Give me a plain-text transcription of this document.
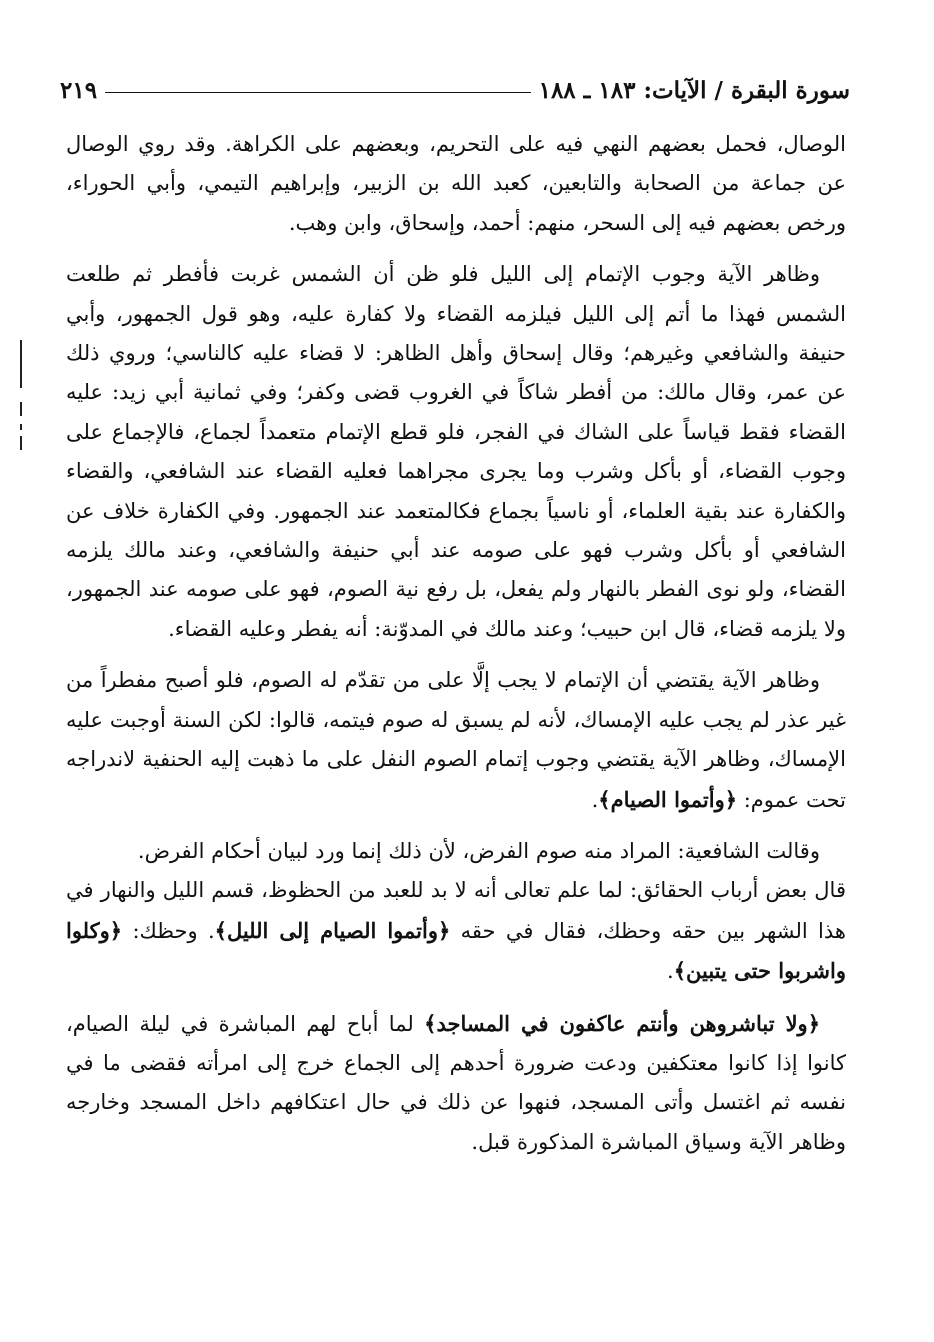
سورة البقرة / الآيات: ١٨٣ ـ ١٨٨
٢١٩

الوصال، فحمل بعضهم النهي فيه على التحريم، وبعضهم على الكراهة. وقد روي الوصال عن جماعة من الصحابة والتابعين، كعبد الله بن الزبير، وإبراهيم التيمي، وأبي الحوراء، ورخص بعضهم فيه إلى السحر، منهم: أحمد، وإسحاق، وابن وهب.

وظاهر الآية وجوب الإتمام إلى الليل فلو ظن أن الشمس غربت فأفطر ثم طلعت الشمس فهذا ما أتم إلى الليل فيلزمه القضاء ولا كفارة عليه، وهو قول الجمهور، وأبي حنيفة والشافعي وغيرهم؛ وقال إسحاق وأهل الظاهر: لا قضاء عليه كالناسي؛ وروي ذلك عن عمر، وقال مالك: من أفطر شاكاً في الغروب قضى وكفر؛ وفي ثمانية أبي زيد: عليه القضاء فقط قياساً على الشاك في الفجر، فلو قطع الإتمام متعمداً لجماع، فالإجماع على وجوب القضاء، أو بأكل وشرب وما يجرى مجراهما فعليه القضاء عند الشافعي، والقضاء والكفارة عند بقية العلماء، أو ناسياً بجماع فكالمتعمد عند الجمهور. وفي الكفارة خلاف عن الشافعي أو بأكل وشرب فهو على صومه عند أبي حنيفة والشافعي، وعند مالك يلزمه القضاء، ولو نوى الفطر بالنهار ولم يفعل، بل رفع نية الصوم، فهو على صومه عند الجمهور، ولا يلزمه قضاء، قال ابن حبيب؛ وعند مالك في المدوّنة: أنه يفطر وعليه القضاء.

وظاهر الآية يقتضي أن الإتمام لا يجب إلَّا على من تقدّم له الصوم، فلو أصبح مفطراً من غير عذر لم يجب عليه الإمساك، لأنه لم يسبق له صوم فيتمه، قالوا: لكن السنة أوجبت عليه الإمساك، وظاهر الآية يقتضي وجوب إتمام الصوم النفل على ما ذهبت إليه الحنفية لاندراجه تحت عموم: ﴿وأتموا الصيام﴾.

وقالت الشافعية: المراد منه صوم الفرض، لأن ذلك إنما ورد لبيان أحكام الفرض.
قال بعض أرباب الحقائق: لما علم تعالى أنه لا بد للعبد من الحظوظ، قسم الليل والنهار في هذا الشهر بين حقه وحظك، فقال في حقه ﴿وأتموا الصيام إلى الليل﴾. وحظك: ﴿وكلوا واشربوا حتى يتبين﴾.

﴿ولا تباشروهن وأنتم عاكفون في المساجد﴾ لما أباح لهم المباشرة في ليلة الصيام، كانوا إذا كانوا معتكفين ودعت ضرورة أحدهم إلى الجماع خرج إلى امرأته فقضى ما في نفسه ثم اغتسل وأتى المسجد، فنهوا عن ذلك في حال اعتكافهم داخل المسجد وخارجه وظاهر الآية وسياق المباشرة المذكورة قبل.
